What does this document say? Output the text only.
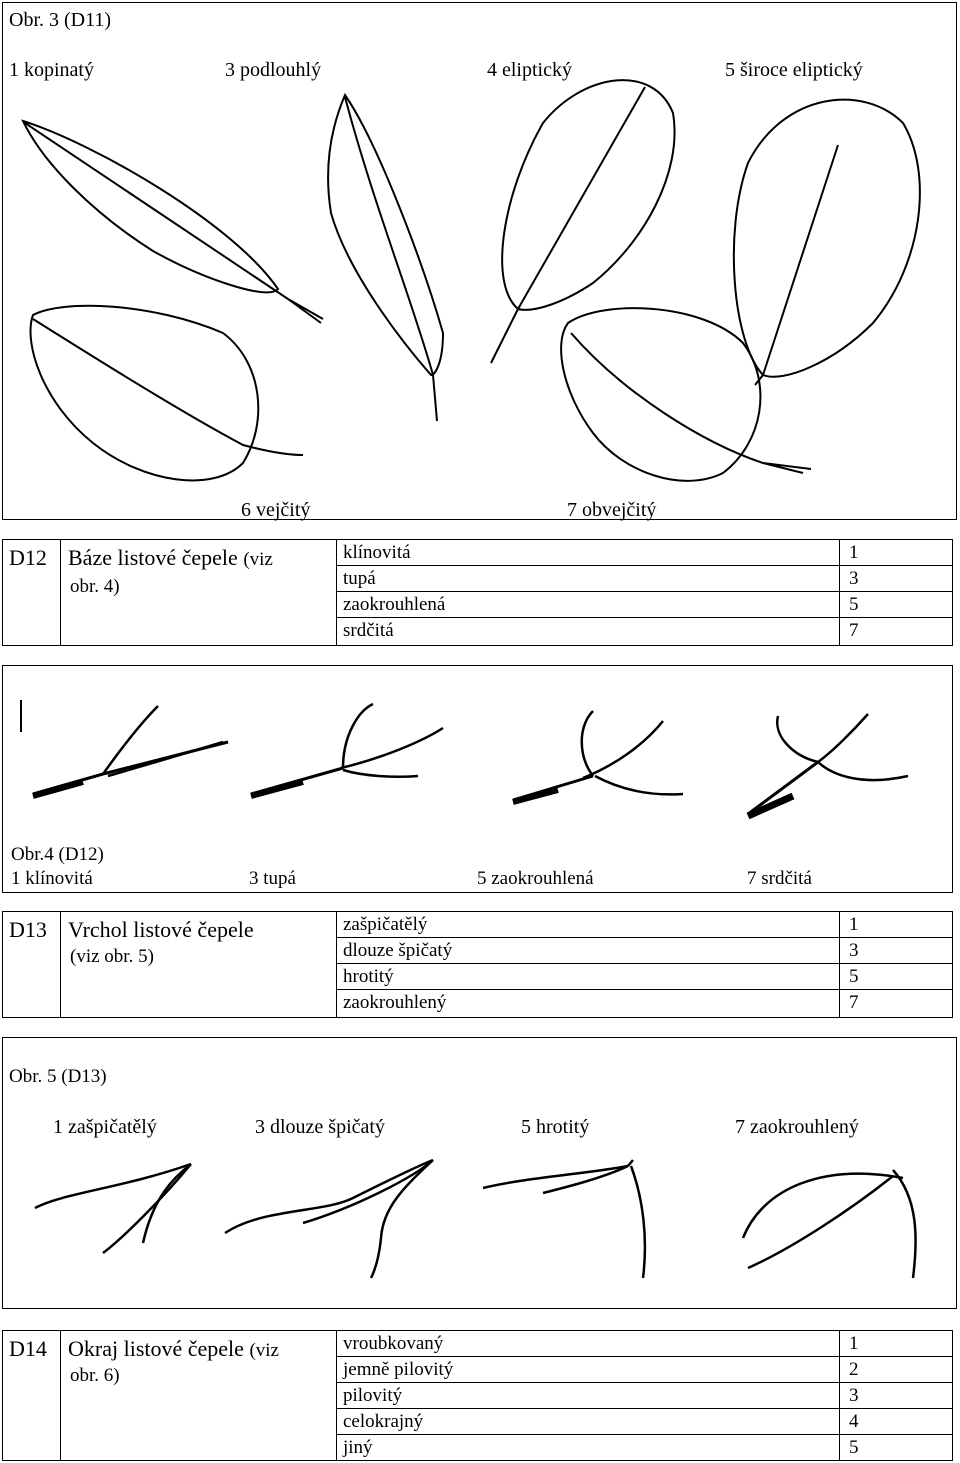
Obr. 3 (D11)
1 kopinatý	3 podlouhlý	4 eliptický	5 široce eliptický
6 vejčitý	7 obvejčitý
D12 Báze listové čepele (viz
obr. 4)
klínovitá	1
tupá	3
zaokrouhlená	5
srdčitá	7
Obr.4 (D12)
1 klínovitá	3 tupá	5 zaokrouhlená	7 srdčitá
D13 Vrchol listové čepele
(viz obr. 5)
zašpičatělý	1
dlouze špičatý	3
hrotitý	5
zaokrouhlený	7
Obr. 5 (D13)
1 zašpičatělý	3 dlouze špičatý	5 hrotitý	7 zaokrouhlený
D14 Okraj listové čepele (viz
obr. 6)
vroubkovaný	1
jemně pilovitý	2
pilovitý	3
celokrajný	4
jiný	5
